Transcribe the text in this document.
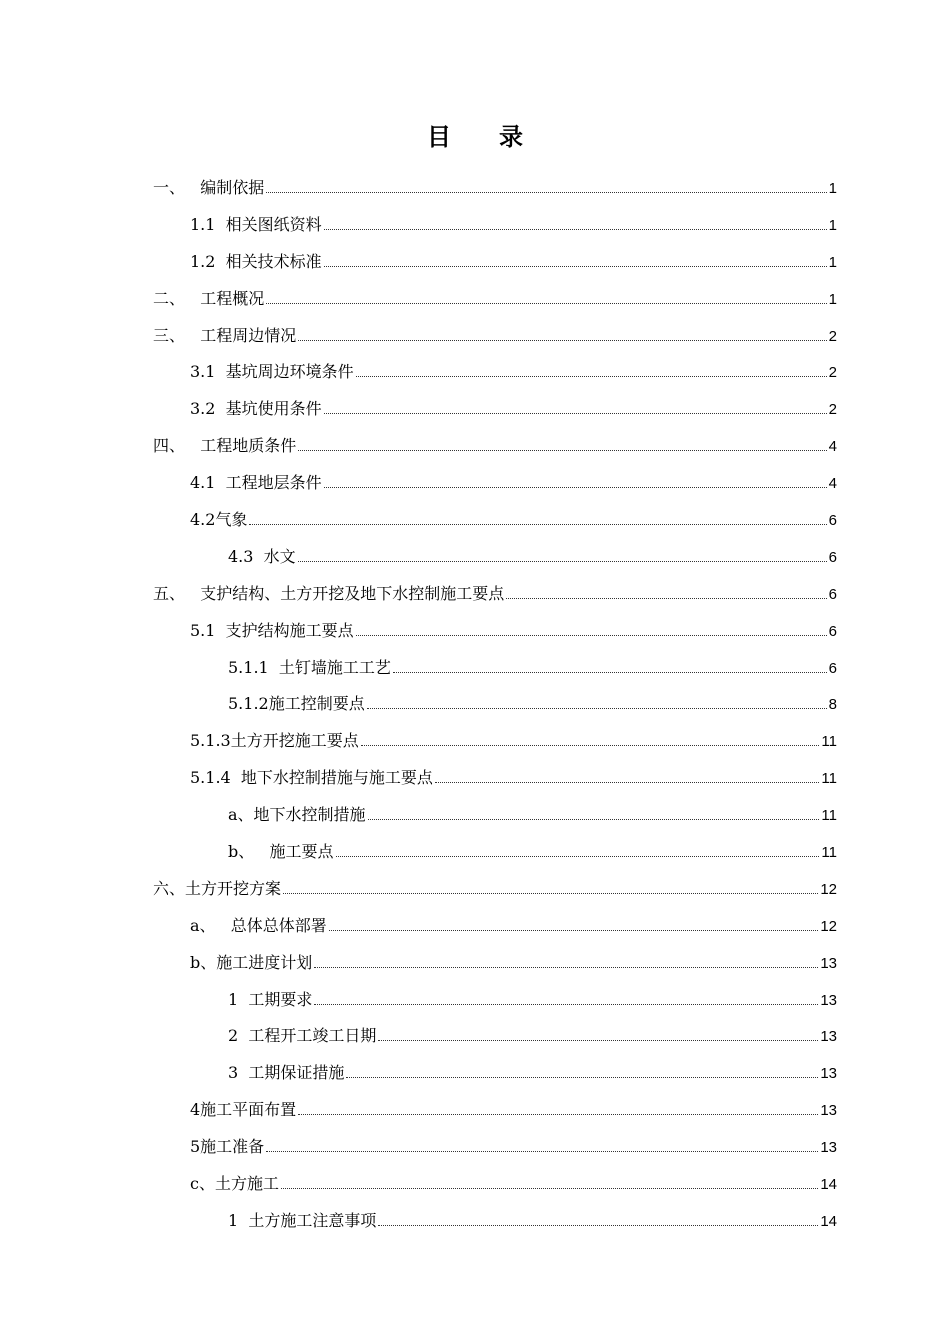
目　　录
一、   编制依据	1
1.1  相关图纸资料	1
1.2  相关技术标准	1
二、   工程概况	1
三、   工程周边情况	2
3.1  基坑周边环境条件	2
3.2  基坑使用条件	2
四、   工程地质条件	4
4.1  工程地层条件	4
4.2气象	6
4.3  水文	6
五、   支护结构、土方开挖及地下水控制施工要点	6
5.1  支护结构施工要点	6
5.1.1  土钉墙施工工艺	6
5.1.2施工控制要点	8
5.1.3土方开挖施工要点	11
5.1.4  地下水控制措施与施工要点	11
a、地下水控制措施	11
b、   施工要点	11
六、土方开挖方案	12
a、   总体总体部署	12
b、施工进度计划	13
1  工期要求	13
2  工程开工竣工日期	13
3  工期保证措施	13
4施工平面布置	13
5施工准备	13
c、土方施工	14
1  土方施工注意事项	14
